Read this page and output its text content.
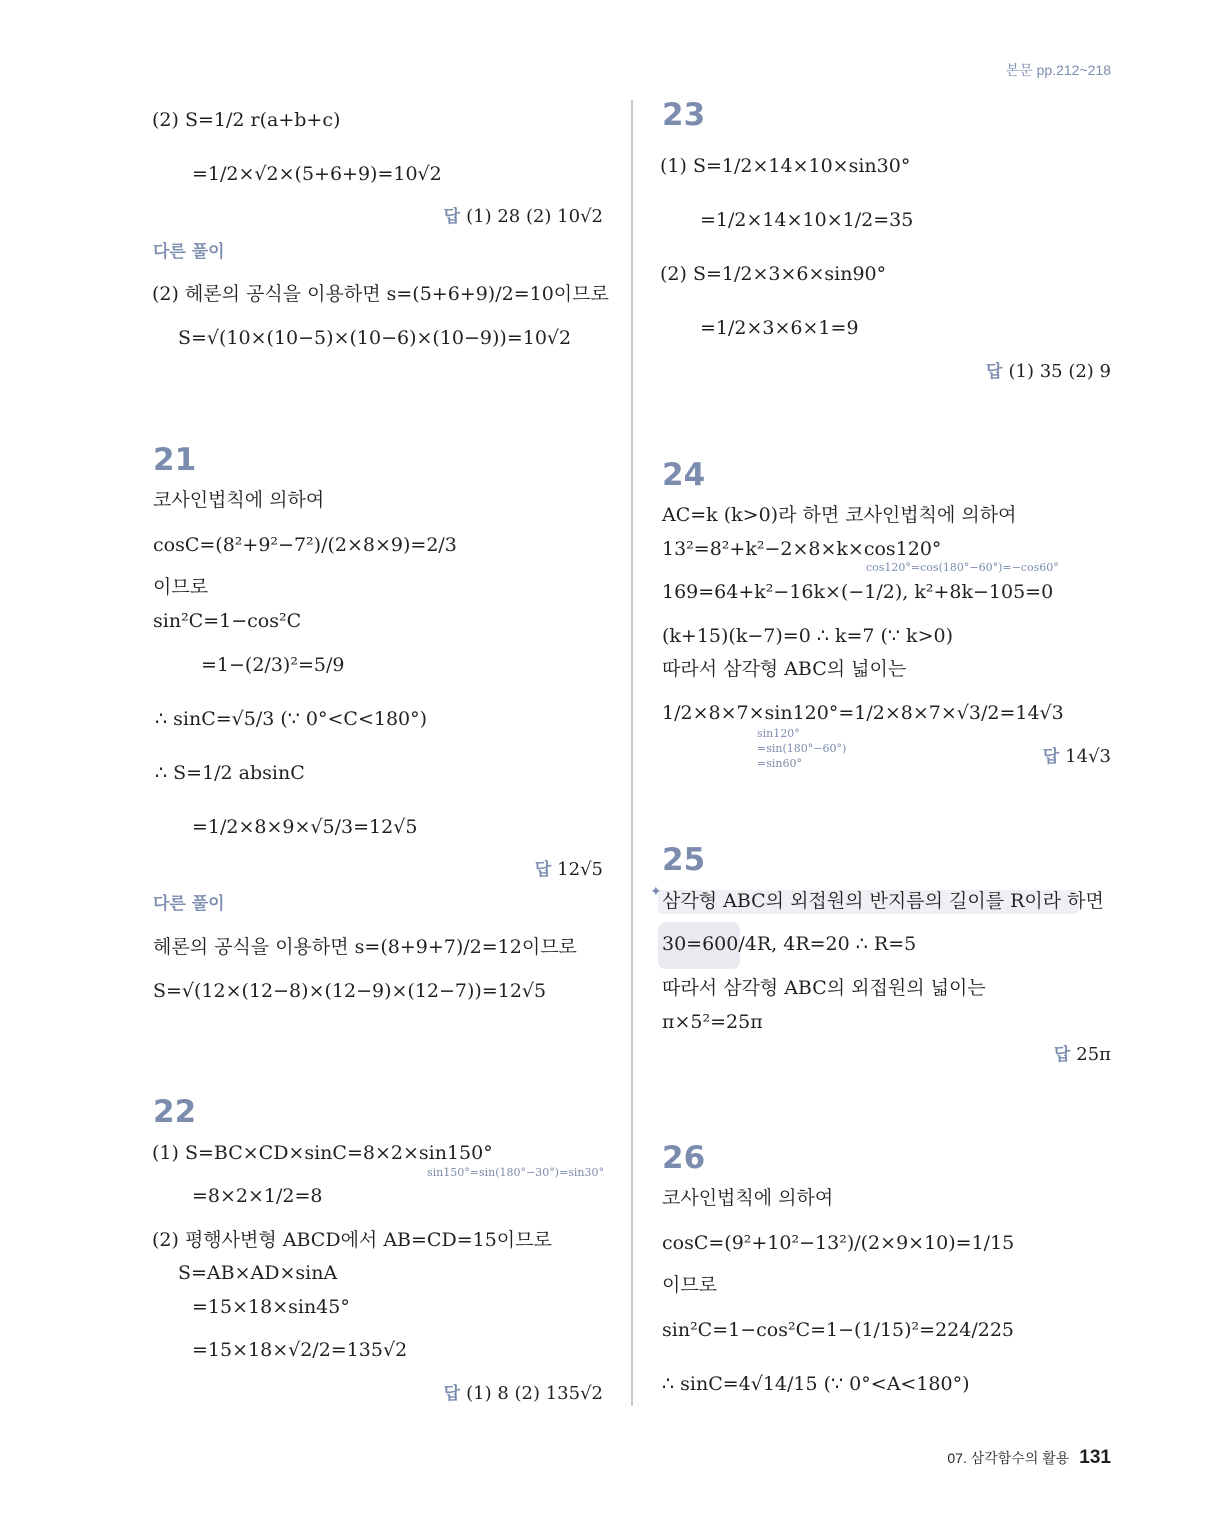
본문 pp.212~218
(2) S=1/2 r(a+b+c)
=1/2×√2×(5+6+9)=10√2
답 (1) 28 (2) 10√2
다른 풀이
(2) 헤론의 공식을 이용하면 s=(5+6+9)/2=10이므로
S=√(10×(10−5)×(10−6)×(10−9))=10√2
21
코사인법칙에 의하여
cosC=(8²+9²−7²)/(2×8×9)=2/3
이므로
sin²C=1−cos²C
=1−(2/3)²=5/9
∴ sinC=√5/3 (∵ 0°<C<180°)
∴ S=1/2 absinC
=1/2×8×9×√5/3=12√5
답 12√5
다른 풀이
헤론의 공식을 이용하면 s=(8+9+7)/2=12이므로
S=√(12×(12−8)×(12−9)×(12−7))=12√5
22
(1) S=BC×CD×sinC=8×2×sin150°
sin150°=sin(180°−30°)=sin30°
=8×2×1/2=8
(2) 평행사변형 ABCD에서 AB=CD=15이므로
S=AB×AD×sinA
=15×18×sin45°
=15×18×√2/2=135√2
답 (1) 8 (2) 135√2
23
(1) S=1/2×14×10×sin30°
=1/2×14×10×1/2=35
(2) S=1/2×3×6×sin90°
=1/2×3×6×1=9
답 (1) 35 (2) 9
24
AC=k (k>0)라 하면 코사인법칙에 의하여
13²=8²+k²−2×8×k×cos120°
cos120°=cos(180°−60°)=−cos60°
169=64+k²−16k×(−1/2), k²+8k−105=0
(k+15)(k−7)=0 ∴ k=7 (∵ k>0)
따라서 삼각형 ABC의 넓이는
1/2×8×7×sin120°=1/2×8×7×√3/2=14√3
sin120°
=sin(180°−60°)
=sin60°	답 14√3
25
✦ 삼각형 ABC의 외접원의 반지름의 길이를 R이라 하면
30=600/4R, 4R=20 ∴ R=5
따라서 삼각형 ABC의 외접원의 넓이는
π×5²=25π
답 25π
26
코사인법칙에 의하여
cosC=(9²+10²−13²)/(2×9×10)=1/15
이므로
sin²C=1−cos²C=1−(1/15)²=224/225
∴ sinC=4√14/15 (∵ 0°<A<180°)
07. 삼각함수의 활용 131
